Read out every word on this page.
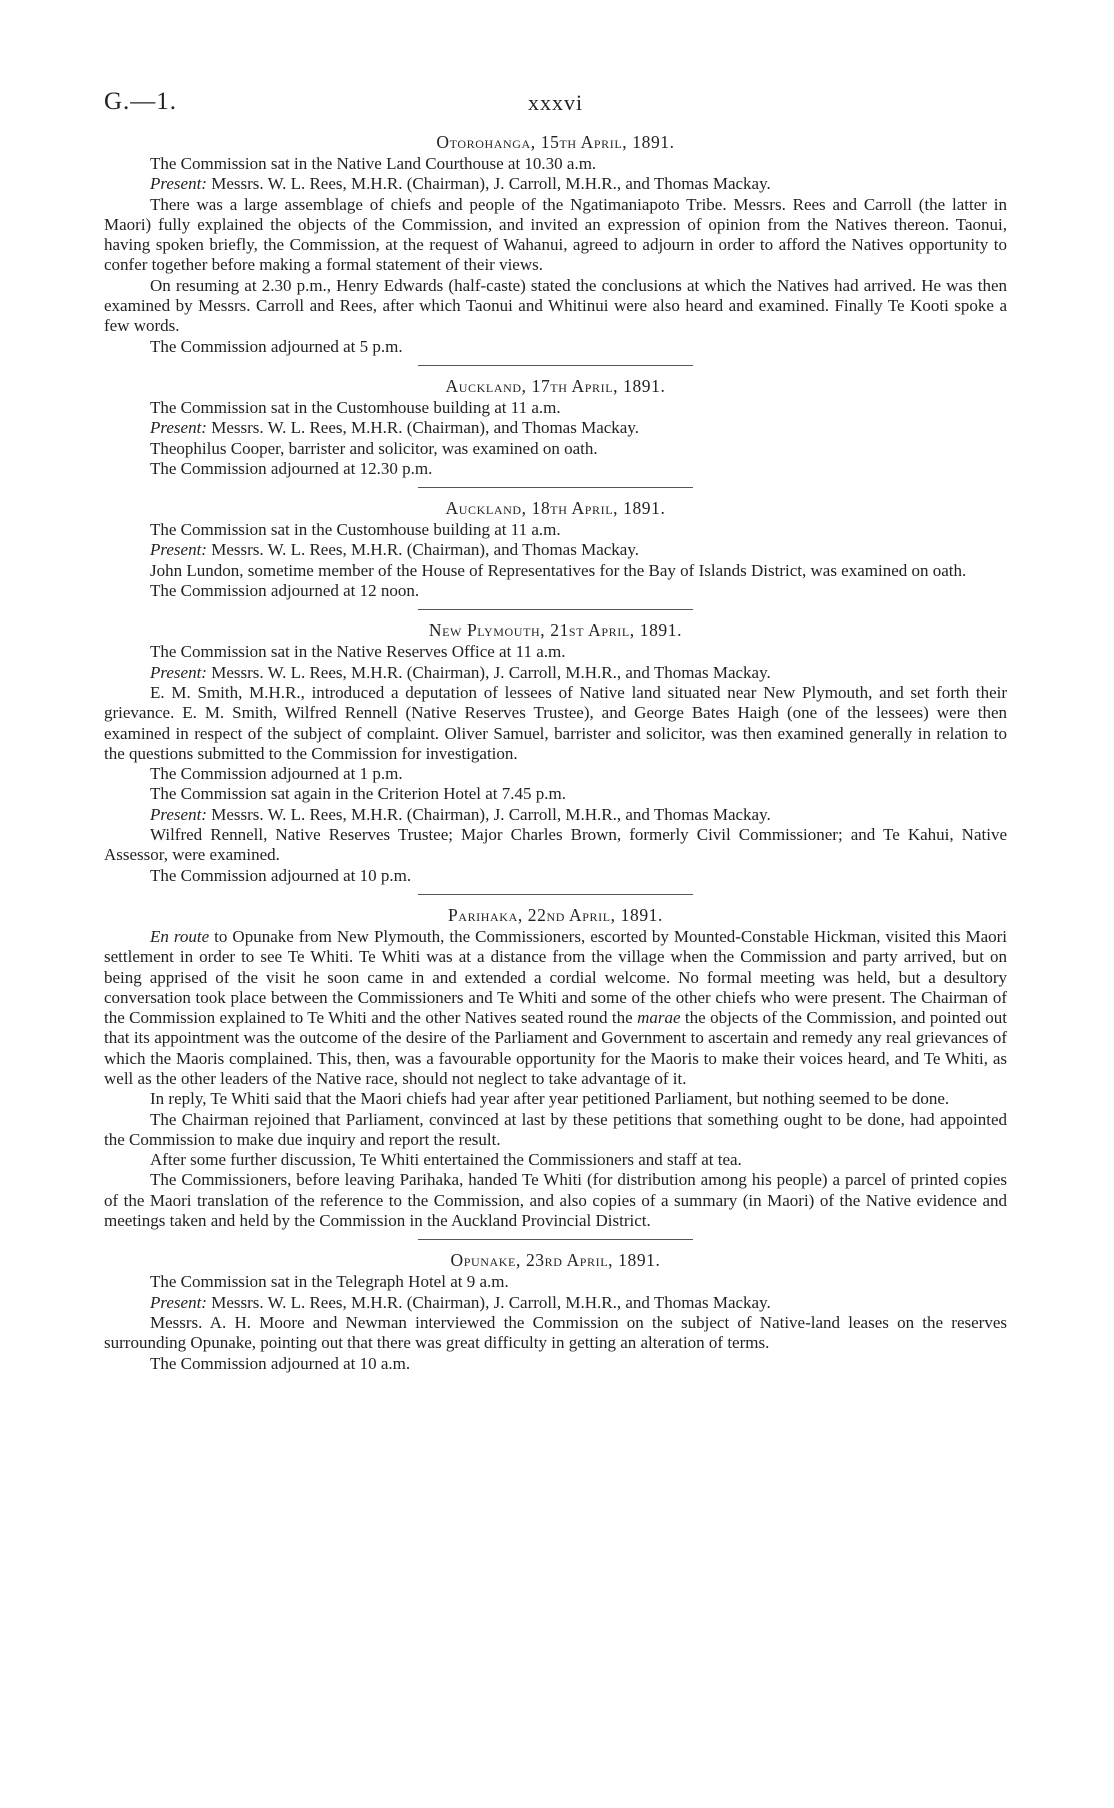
G.—1.	xxxvi
Otorohanga, 15th April, 1891.

The Commission sat in the Native Land Courthouse at 10.30 a.m.

Present: Messrs. W. L. Rees, M.H.R. (Chairman), J. Carroll, M.H.R., and Thomas Mackay.

There was a large assemblage of chiefs and people of the Ngatimaniapoto Tribe. Messrs. Rees and Carroll (the latter in Maori) fully explained the objects of the Commission, and invited an expression of opinion from the Natives thereon. Taonui, having spoken briefly, the Commission, at the request of Wahanui, agreed to adjourn in order to afford the Natives opportunity to confer together before making a formal statement of their views.

On resuming at 2.30 p.m., Henry Edwards (half-caste) stated the conclusions at which the Natives had arrived. He was then examined by Messrs. Carroll and Rees, after which Taonui and Whitinui were also heard and examined. Finally Te Kooti spoke a few words.

The Commission adjourned at 5 p.m.

Auckland, 17th April, 1891.

The Commission sat in the Customhouse building at 11 a.m.

Present: Messrs. W. L. Rees, M.H.R. (Chairman), and Thomas Mackay.

Theophilus Cooper, barrister and solicitor, was examined on oath.

The Commission adjourned at 12.30 p.m.

Auckland, 18th April, 1891.

The Commission sat in the Customhouse building at 11 a.m.

Present: Messrs. W. L. Rees, M.H.R. (Chairman), and Thomas Mackay.

John Lundon, sometime member of the House of Representatives for the Bay of Islands District, was examined on oath.

The Commission adjourned at 12 noon.

New Plymouth, 21st April, 1891.

The Commission sat in the Native Reserves Office at 11 a.m.

Present: Messrs. W. L. Rees, M.H.R. (Chairman), J. Carroll, M.H.R., and Thomas Mackay.

E. M. Smith, M.H.R., introduced a deputation of lessees of Native land situated near New Plymouth, and set forth their grievance. E. M. Smith, Wilfred Rennell (Native Reserves Trustee), and George Bates Haigh (one of the lessees) were then examined in respect of the subject of complaint. Oliver Samuel, barrister and solicitor, was then examined generally in relation to the questions submitted to the Commission for investigation.

The Commission adjourned at 1 p.m.

The Commission sat again in the Criterion Hotel at 7.45 p.m.

Present: Messrs. W. L. Rees, M.H.R. (Chairman), J. Carroll, M.H.R., and Thomas Mackay.

Wilfred Rennell, Native Reserves Trustee; Major Charles Brown, formerly Civil Commissioner; and Te Kahui, Native Assessor, were examined.

The Commission adjourned at 10 p.m.

Parihaka, 22nd April, 1891.

En route to Opunake from New Plymouth, the Commissioners, escorted by Mounted-Constable Hickman, visited this Maori settlement in order to see Te Whiti. Te Whiti was at a distance from the village when the Commission and party arrived, but on being apprised of the visit he soon came in and extended a cordial welcome. No formal meeting was held, but a desultory conversation took place between the Commissioners and Te Whiti and some of the other chiefs who were present. The Chairman of the Commission explained to Te Whiti and the other Natives seated round the marae the objects of the Commission, and pointed out that its appointment was the outcome of the desire of the Parliament and Government to ascertain and remedy any real grievances of which the Maoris complained. This, then, was a favourable opportunity for the Maoris to make their voices heard, and Te Whiti, as well as the other leaders of the Native race, should not neglect to take advantage of it.

In reply, Te Whiti said that the Maori chiefs had year after year petitioned Parliament, but nothing seemed to be done.

The Chairman rejoined that Parliament, convinced at last by these petitions that something ought to be done, had appointed the Commission to make due inquiry and report the result.

After some further discussion, Te Whiti entertained the Commissioners and staff at tea.

The Commissioners, before leaving Parihaka, handed Te Whiti (for distribution among his people) a parcel of printed copies of the Maori translation of the reference to the Commission, and also copies of a summary (in Maori) of the Native evidence and meetings taken and held by the Commission in the Auckland Provincial District.

Opunake, 23rd April, 1891.

The Commission sat in the Telegraph Hotel at 9 a.m.

Present: Messrs. W. L. Rees, M.H.R. (Chairman), J. Carroll, M.H.R., and Thomas Mackay.

Messrs. A. H. Moore and Newman interviewed the Commission on the subject of Native-land leases on the reserves surrounding Opunake, pointing out that there was great difficulty in getting an alteration of terms.

The Commission adjourned at 10 a.m.
